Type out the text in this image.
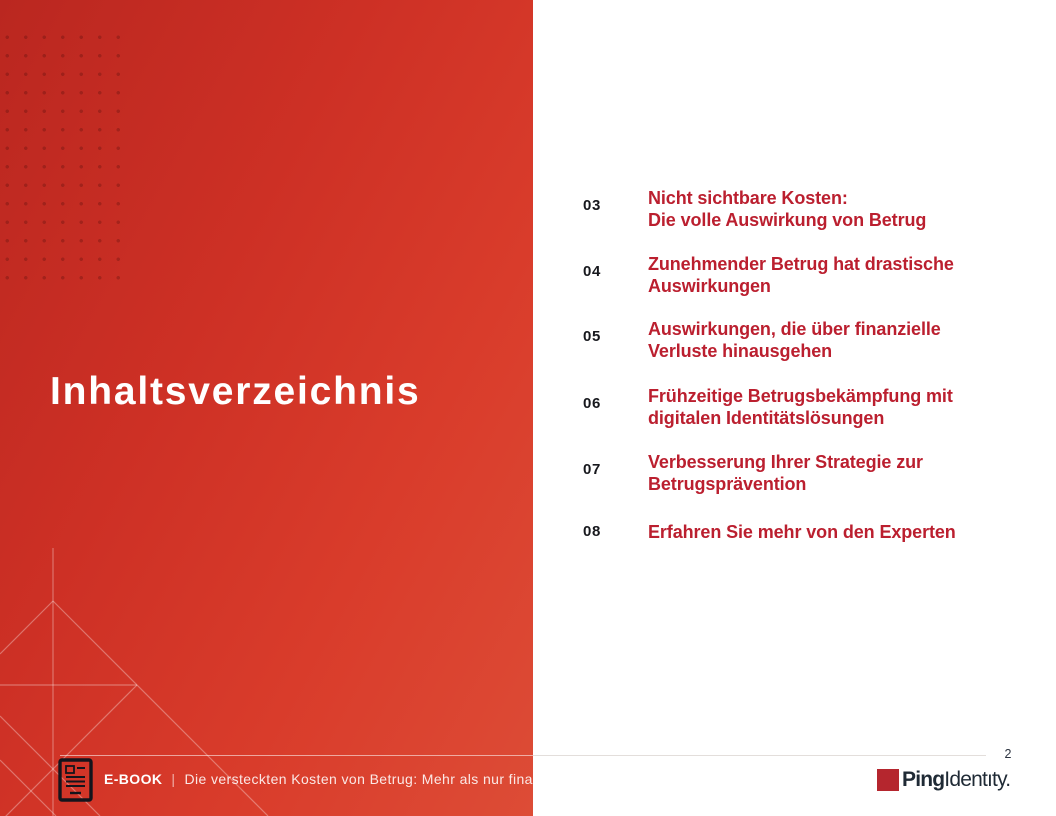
Inhaltsverzeichnis
03	Nicht sichtbare Kosten:
Die volle Auswirkung von Betrug
04	Zunehmender Betrug hat drastische
Auswirkungen
05	Auswirkungen, die über finanzielle
Verluste hinausgehen
06	Frühzeitige Betrugsbekämpfung mit
digitalen Identitätslösungen
07	Verbesserung Ihrer Strategie zur
Betrugsprävention
08	Erfahren Sie mehr von den Experten
E-BOOK | Die versteckten Kosten von Betrug: Mehr als nur finanzielle Verluste
2
Ping Identıty.
